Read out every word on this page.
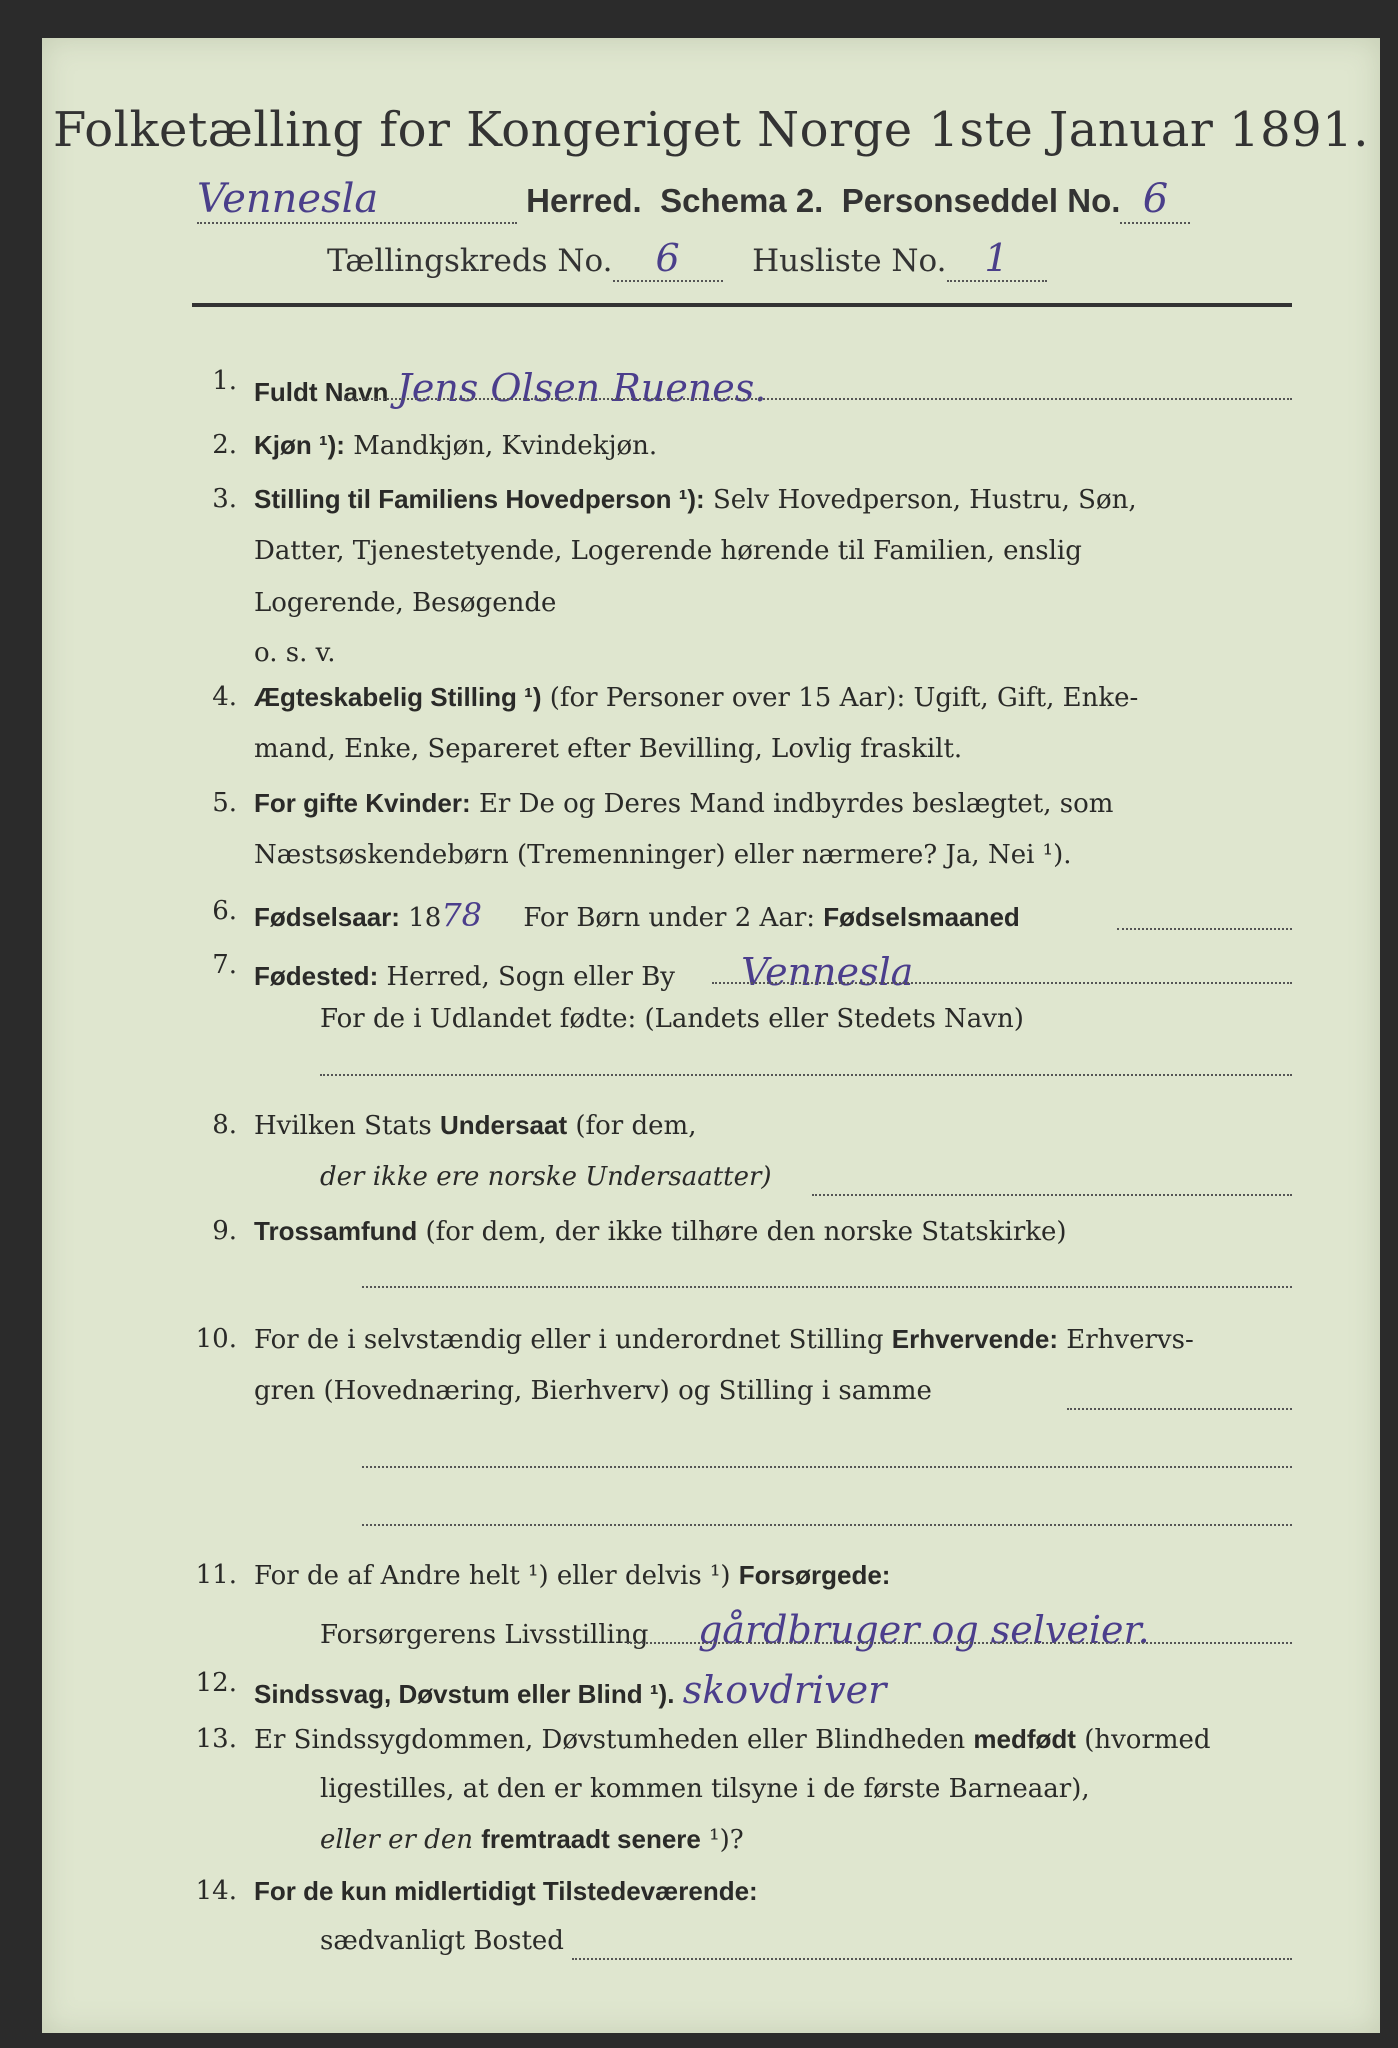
Folketælling for Kongeriget Norge 1ste Januar 1891.
Vennesla	Herred. Schema 2. Personseddel No. 6
Tællingskreds No. 6 Husliste No. 1
1. Fuldt Navn Jens Olsen Ruenes.
2. Kjøn ¹): Mandkjøn, Kvindekjøn.
3. Stilling til Familiens Hovedperson ¹): Selv Hovedperson, Hustru, Søn,
Datter, Tjenestetyende, Logerende hørende til Familien, enslig
Logerende, Besøgende
o. s. v.
4. Ægteskabelig Stilling ¹) (for Personer over 15 Aar): Ugift, Gift, Enke-
mand, Enke, Separeret efter Bevilling, Lovlig fraskilt.
5. For gifte Kvinder: Er De og Deres Mand indbyrdes beslægtet, som
Næstsøskendebørn (Tremenninger) eller nærmere? Ja, Nei ¹).
6. Fødselsaar: 1878 For Børn under 2 Aar: Fødselsmaaned
7. Fødested: Herred, Sogn eller By Vennesla
For de i Udlandet fødte: (Landets eller Stedets Navn)
8. Hvilken Stats Undersaat (for dem,
der ikke ere norske Undersaatter)
9. Trossamfund (for dem, der ikke tilhøre den norske Statskirke)
10. For de i selvstændig eller i underordnet Stilling Erhvervende: Erhvervs-
gren (Hovednæring, Bierhverv) og Stilling i samme
11. For de af Andre helt ¹) eller delvis ¹) Forsørgede:
Forsørgerens Livsstilling gårdbruger og selveier.
12. Sindssvag, Døvstum eller Blind ¹). skovdriver
13. Er Sindssygdommen, Døvstumheden eller Blindheden medfødt (hvormed
ligestilles, at den er kommen tilsyne i de første Barneaar),
eller er den fremtraadt senere ¹)?
14. For de kun midlertidigt Tilstedeværende:
sædvanligt Bosted
